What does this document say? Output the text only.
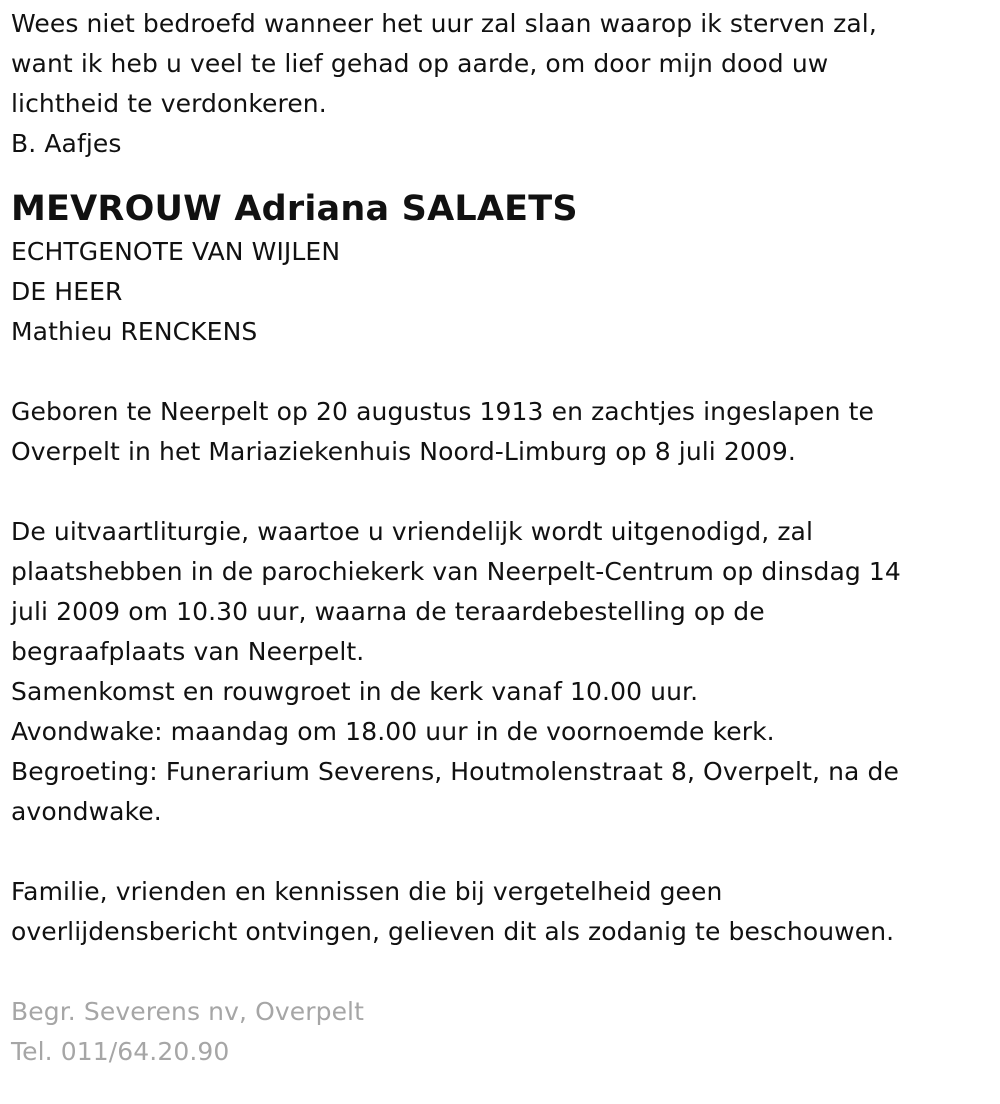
Wees niet bedroefd wanneer het uur zal slaan waarop ik sterven zal,
want ik heb u veel te lief gehad op aarde, om door mijn dood uw
lichtheid te verdonkeren.
B. Aafjes
MEVROUW Adriana SALAETS
ECHTGENOTE VAN WIJLEN
DE HEER
Mathieu RENCKENS
Geboren te Neerpelt op 20 augustus 1913 en zachtjes ingeslapen te
Overpelt in het Mariaziekenhuis Noord-Limburg op 8 juli 2009.
De uitvaartliturgie, waartoe u vriendelijk wordt uitgenodigd, zal
plaatshebben in de parochiekerk van Neerpelt-Centrum op dinsdag 14
juli 2009 om 10.30 uur, waarna de teraardebestelling op de
begraafplaats van Neerpelt.
Samenkomst en rouwgroet in de kerk vanaf 10.00 uur.
Avondwake: maandag om 18.00 uur in de voornoemde kerk.
Begroeting: Funerarium Severens, Houtmolenstraat 8, Overpelt, na de
avondwake.
Familie, vrienden en kennissen die bij vergetelheid geen
overlijdensbericht ontvingen, gelieven dit als zodanig te beschouwen.
Begr. Severens nv, Overpelt
Tel. 011/64.20.90
